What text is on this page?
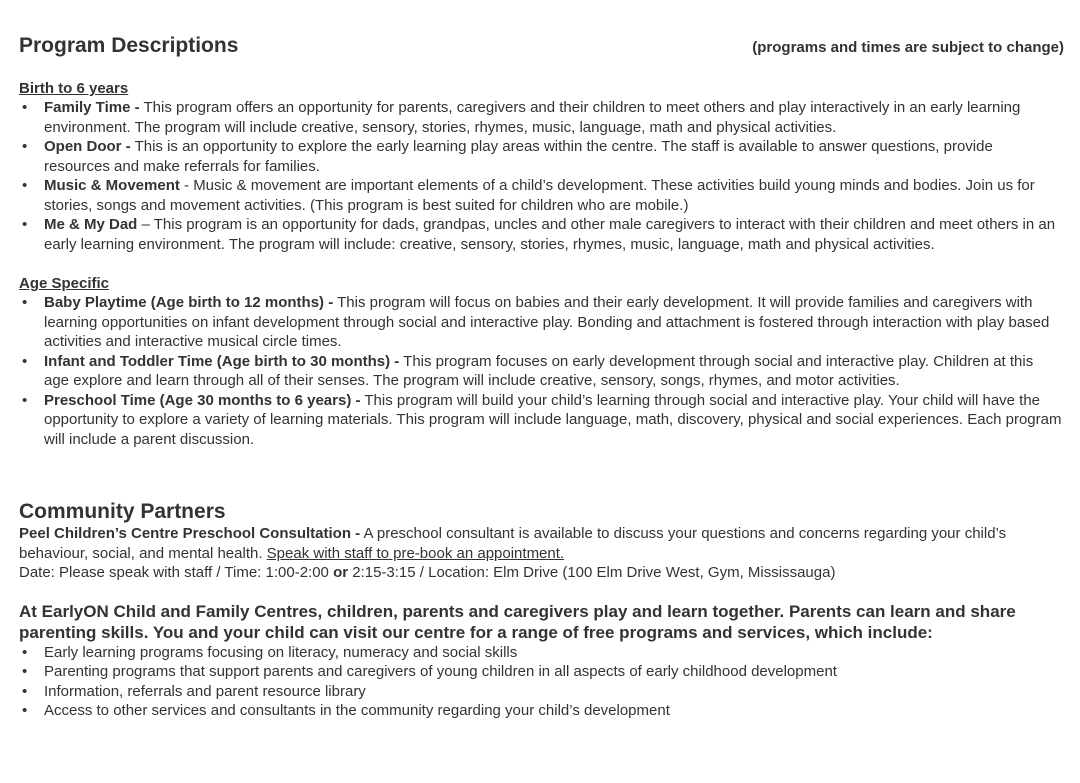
Program Descriptions	(programs and times are subject to change)

Birth to 6 years

• Family Time - This program offers an opportunity for parents, caregivers and their children to meet others and play interactively in an early learning environment. The program will include creative, sensory, stories, rhymes, music, language, math and physical activities.
• Open Door - This is an opportunity to explore the early learning play areas within the centre. The staff is available to answer questions, provide resources and make referrals for families.
• Music & Movement - Music & movement are important elements of a child’s development. These activities build young minds and bodies. Join us for stories, songs and movement activities. (This program is best suited for children who are mobile.)
• Me & My Dad – This program is an opportunity for dads, grandpas, uncles and other male caregivers to interact with their children and meet others in an early learning environment. The program will include: creative, sensory, stories, rhymes, music, language, math and physical activities.

Age Specific

• Baby Playtime (Age birth to 12 months) - This program will focus on babies and their early development. It will provide families and caregivers with learning opportunities on infant development through social and interactive play. Bonding and attachment is fostered through interaction with play based activities and interactive musical circle times.
• Infant and Toddler Time (Age birth to 30 months) - This program focuses on early development through social and interactive play. Children at this age explore and learn through all of their senses. The program will include creative, sensory, songs, rhymes, and motor activities.
• Preschool Time (Age 30 months to 6 years) - This program will build your child’s learning through social and interactive play. Your child will have the opportunity to explore a variety of learning materials. This program will include language, math, discovery, physical and social experiences. Each program will include a parent discussion.
Community Partners

Peel Children’s Centre Preschool Consultation - A preschool consultant is available to discuss your questions and concerns regarding your child’s behaviour, social, and mental health. Speak with staff to pre-book an appointment.

Date: Please speak with staff / Time: 1:00-2:00 or 2:15-3:15 / Location: Elm Drive (100 Elm Drive West, Gym, Mississauga)

At EarlyON Child and Family Centres, children, parents and caregivers play and learn together. Parents can learn and share parenting skills. You and your child can visit our centre for a range of free programs and services, which include:

• Early learning programs focusing on literacy, numeracy and social skills
• Parenting programs that support parents and caregivers of young children in all aspects of early childhood development
• Information, referrals and parent resource library
• Access to other services and consultants in the community regarding your child’s development
